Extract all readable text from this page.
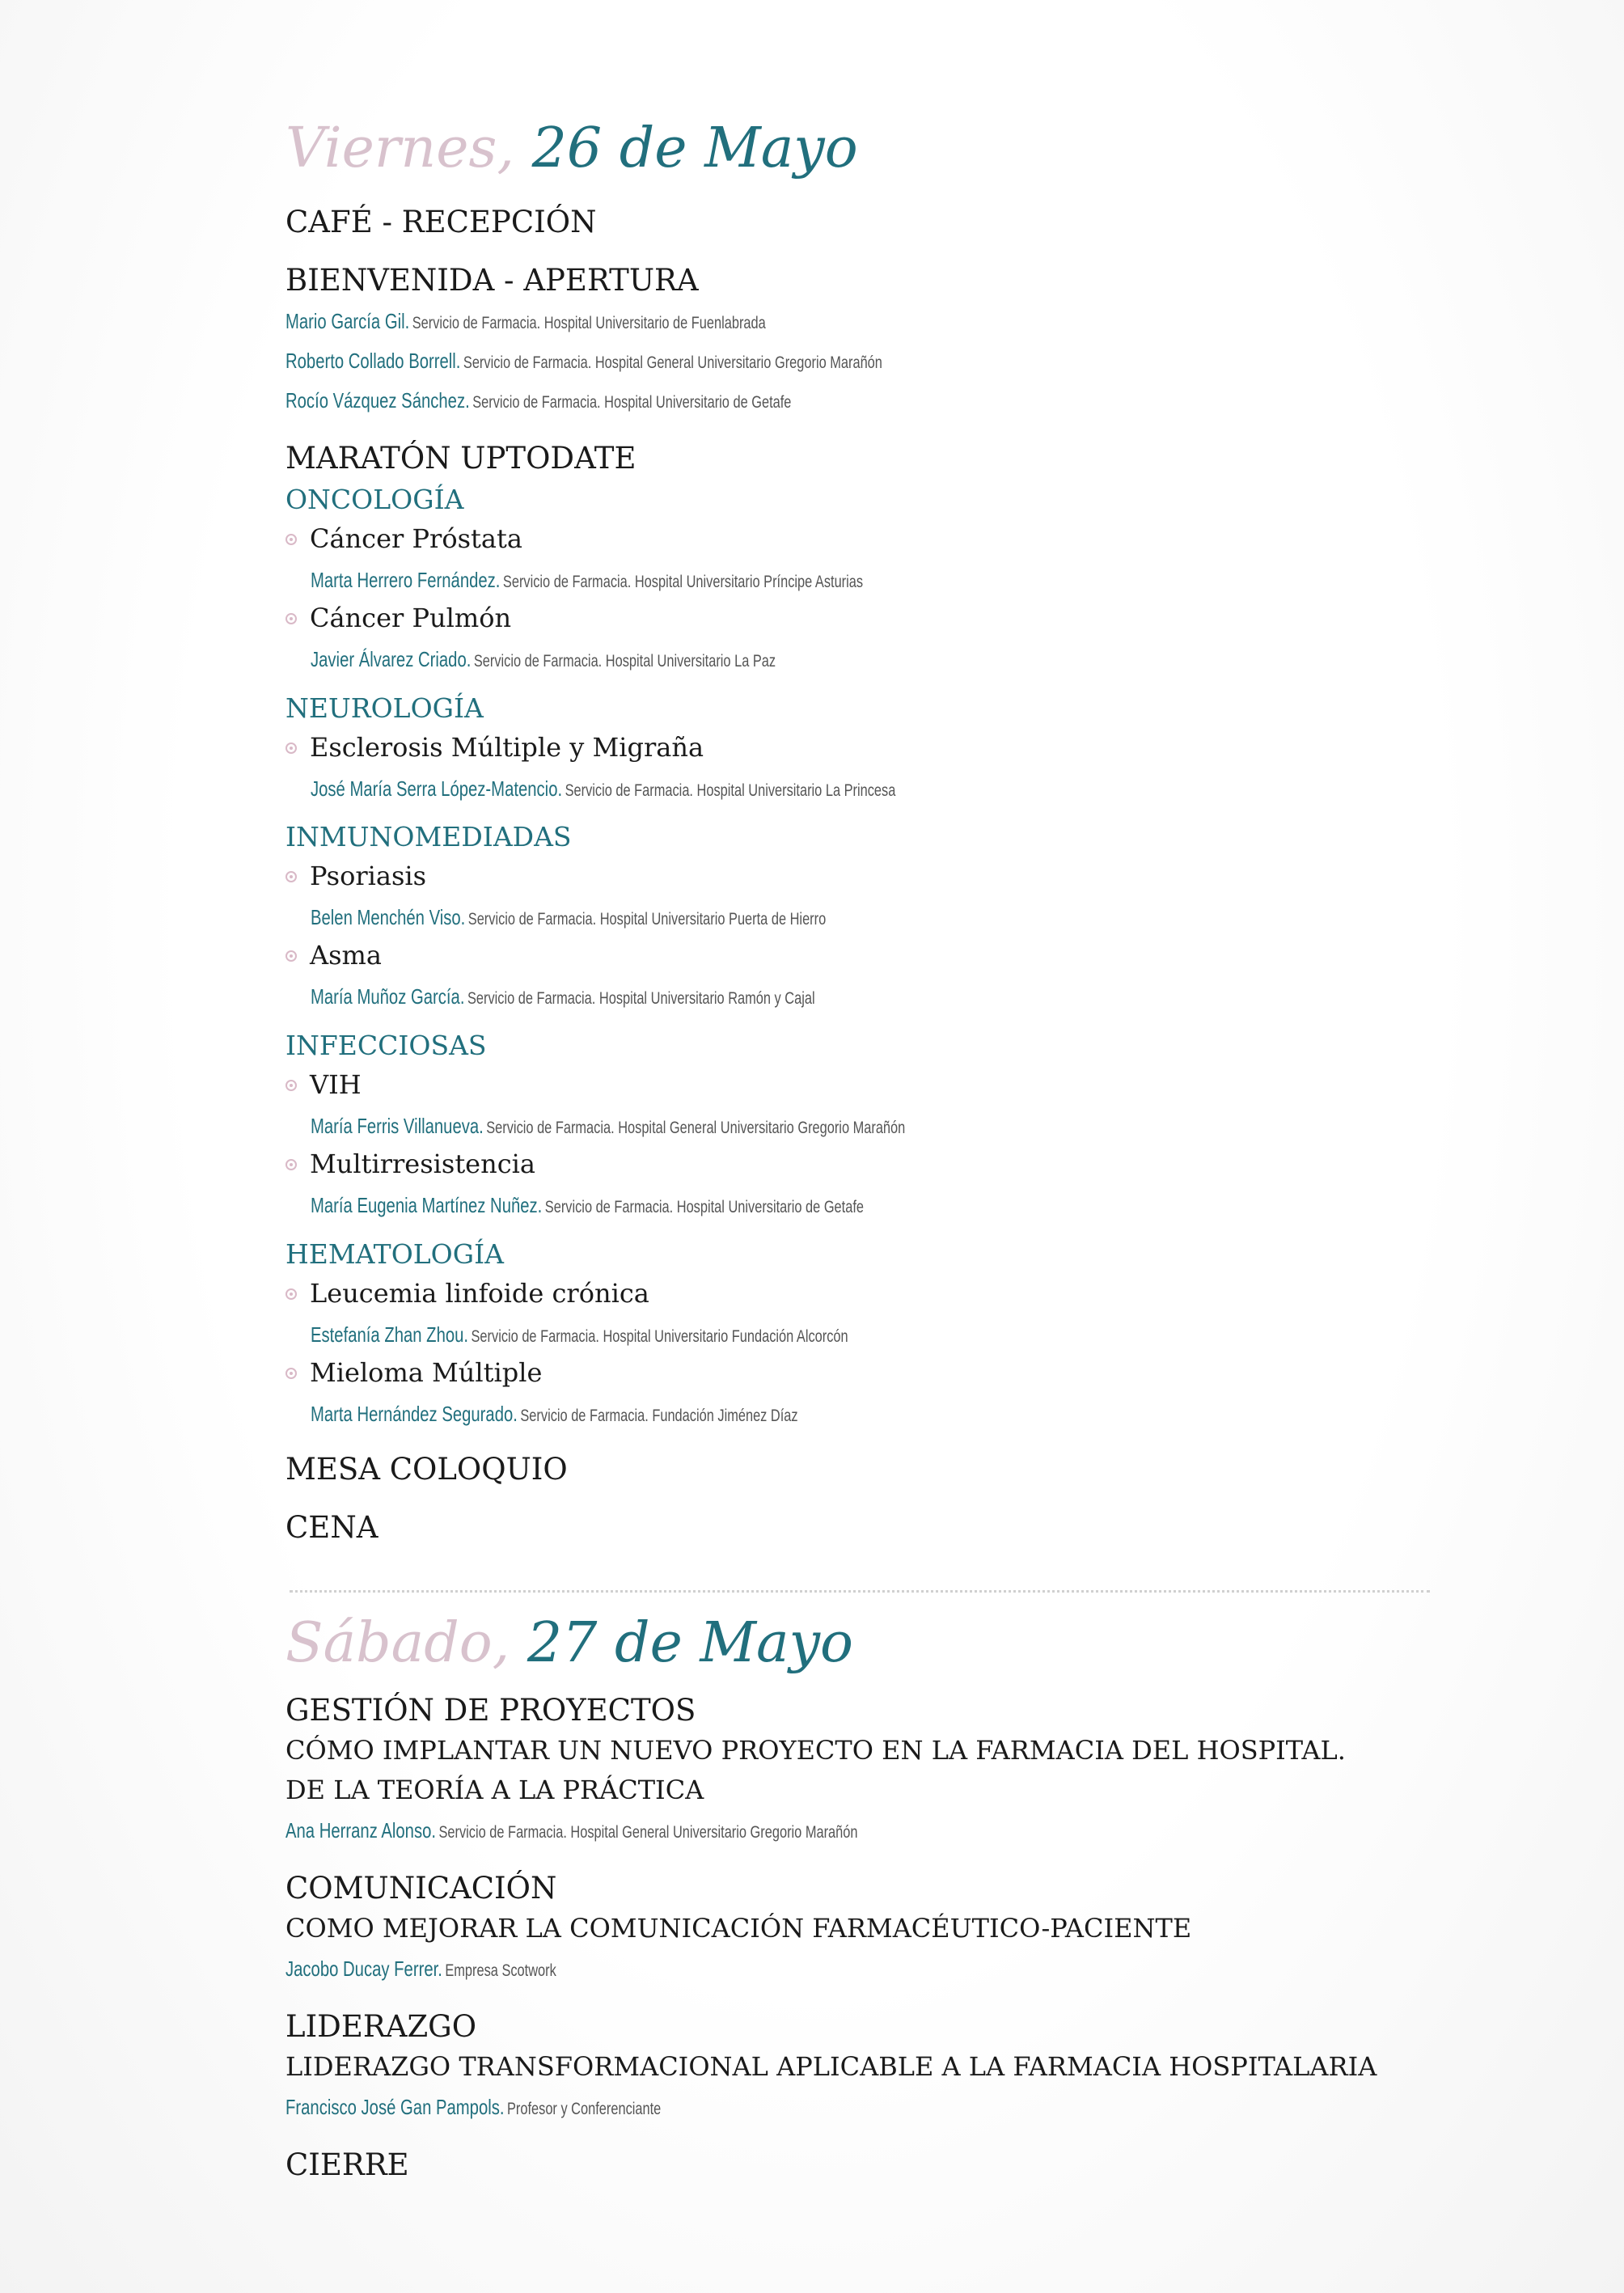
Viernes, 26 de Mayo
CAFÉ - RECEPCIÓN
BIENVENIDA - APERTURA
Mario García Gil. Servicio de Farmacia. Hospital Universitario de Fuenlabrada
Roberto Collado Borrell. Servicio de Farmacia. Hospital General Universitario Gregorio Marañón
Rocío Vázquez Sánchez. Servicio de Farmacia. Hospital Universitario de Getafe
MARATÓN UPTODATE
ONCOLOGÍA
Cáncer Próstata
Marta Herrero Fernández. Servicio de Farmacia. Hospital Universitario Príncipe Asturias
Cáncer Pulmón
Javier Álvarez Criado. Servicio de Farmacia. Hospital Universitario La Paz
NEUROLOGÍA
Esclerosis Múltiple y Migraña
José María Serra López-Matencio. Servicio de Farmacia. Hospital Universitario La Princesa
INMUNOMEDIADAS
Psoriasis
Belen Menchén Viso. Servicio de Farmacia. Hospital Universitario Puerta de Hierro
Asma
María Muñoz García. Servicio de Farmacia. Hospital Universitario Ramón y Cajal
INFECCIOSAS
VIH
María Ferris Villanueva. Servicio de Farmacia. Hospital General Universitario Gregorio Marañón
Multirresistencia
María Eugenia Martínez Nuñez. Servicio de Farmacia. Hospital Universitario de Getafe
HEMATOLOGÍA
Leucemia linfoide crónica
Estefanía Zhan Zhou. Servicio de Farmacia. Hospital Universitario Fundación Alcorcón
Mieloma Múltiple
Marta Hernández Segurado. Servicio de Farmacia. Fundación Jiménez Díaz
MESA COLOQUIO
CENA
Sábado, 27 de Mayo
GESTIÓN DE PROYECTOS
CÓMO IMPLANTAR UN NUEVO PROYECTO EN LA FARMACIA DEL HOSPITAL.
DE LA TEORÍA A LA PRÁCTICA
Ana Herranz Alonso. Servicio de Farmacia. Hospital General Universitario Gregorio Marañón
COMUNICACIÓN
COMO MEJORAR LA COMUNICACIÓN FARMACÉUTICO-PACIENTE
Jacobo Ducay Ferrer. Empresa Scotwork
LIDERAZGO
LIDERAZGO TRANSFORMACIONAL APLICABLE A LA FARMACIA HOSPITALARIA
Francisco José Gan Pampols. Profesor y Conferenciante
CIERRE
